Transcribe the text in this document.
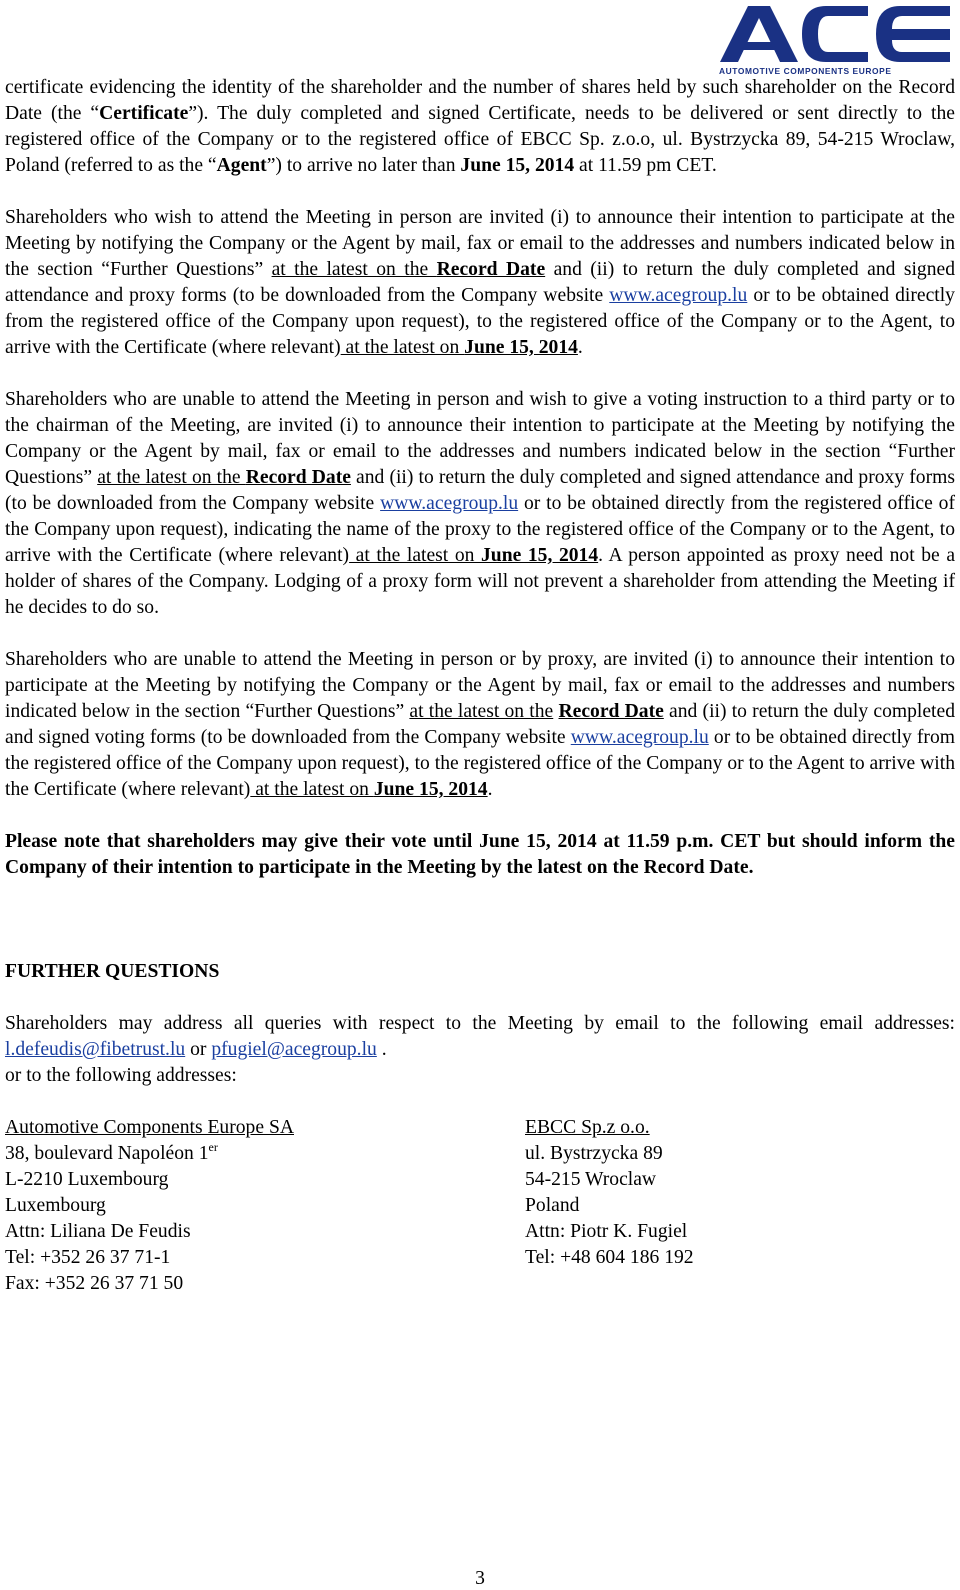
AUTOMOTIVE COMPONENTS EUROPE

certificate evidencing the identity of the shareholder and the number of shares held by such shareholder on the Record Date (the “Certificate”). The duly completed and signed Certificate, needs to be delivered or sent directly to the registered office of the Company or to the registered office of EBCC Sp. z.o.o, ul. Bystrzycka 89, 54-215 Wroclaw, Poland (referred to as the “Agent”) to arrive no later than June 15, 2014 at 11.59 pm CET.

Shareholders who wish to attend the Meeting in person are invited (i) to announce their intention to participate at the Meeting by notifying the Company or the Agent by mail, fax or email to the addresses and numbers indicated below in the section “Further Questions” at the latest on the Record Date and (ii) to return the duly completed and signed attendance and proxy forms (to be downloaded from the Company website www.acegroup.lu or to be obtained directly from the registered office of the Company upon request), to the registered office of the Company or to the Agent, to arrive with the Certificate (where relevant) at the latest on June 15, 2014.

Shareholders who are unable to attend the Meeting in person and wish to give a voting instruction to a third party or to the chairman of the Meeting, are invited (i) to announce their intention to participate at the Meeting by notifying the Company or the Agent by mail, fax or email to the addresses and numbers indicated below in the section “Further Questions” at the latest on the Record Date and (ii) to return the duly completed and signed attendance and proxy forms (to be downloaded from the Company website www.acegroup.lu or to be obtained directly from the registered office of the Company upon request), indicating the name of the proxy to the registered office of the Company or to the Agent, to arrive with the Certificate (where relevant) at the latest on June 15, 2014. A person appointed as proxy need not be a holder of shares of the Company. Lodging of a proxy form will not prevent a shareholder from attending the Meeting if he decides to do so.

Shareholders who are unable to attend the Meeting in person or by proxy, are invited (i) to announce their intention to participate at the Meeting by notifying the Company or the Agent by mail, fax or email to the addresses and numbers indicated below in the section “Further Questions” at the latest on the Record Date and (ii) to return the duly completed and signed voting forms (to be downloaded from the Company website www.acegroup.lu or to be obtained directly from the registered office of the Company upon request), to the registered office of the Company or to the Agent to arrive with the Certificate (where relevant) at the latest on June 15, 2014.

Please note that shareholders may give their vote until June 15, 2014 at 11.59 p.m. CET but should inform the Company of their intention to participate in the Meeting by the latest on the Record Date.

FURTHER QUESTIONS

Shareholders may address all queries with respect to the Meeting by email to the following email addresses: l.defeudis@fibetrust.lu or pfugiel@acegroup.lu .

or to the following addresses:

Automotive Components Europe SA
38, boulevard Napoléon 1er
L-2210 Luxembourg
Luxembourg
Attn: Liliana De Feudis
Tel: +352 26 37 71-1
Fax: +352 26 37 71 50
EBCC Sp.z o.o.
ul. Bystrzycka 89
54-215 Wroclaw
Poland
Attn: Piotr K. Fugiel
Tel: +48 604 186 192
3
